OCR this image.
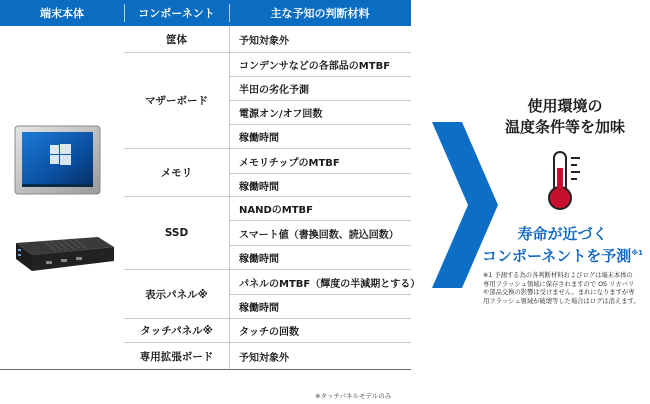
端末本体	コンポーネント	主な予知の判断材料
筐体
マザーボード
メモリ
SSD
表示パネル※
タッチパネル※
専用拡張ボード
予知対象外
コンデンサなどの各部品のMTBF
半田の劣化予測
電源オン/オフ回数
稼働時間
メモリチップのMTBF
稼働時間
NANDのMTBF
スマート値（書換回数、読込回数）
稼働時間
パネルのMTBF（輝度の半減期とする）
稼働時間
タッチの回数
予知対象外
※タッチパネルモデルのみ
使用環境の
温度条件等を加味
寿命が近づく
コンポーネントを予測$^{※1}$
※1 予測する為の各判断材料およびログは端末本体の
専用フラッシュ領域に保存されますので OS リカバリ
や部品交換の影響は受けません。まれになりますが専
用フラッシュ領域が破壊等した場合はログは消えます。
